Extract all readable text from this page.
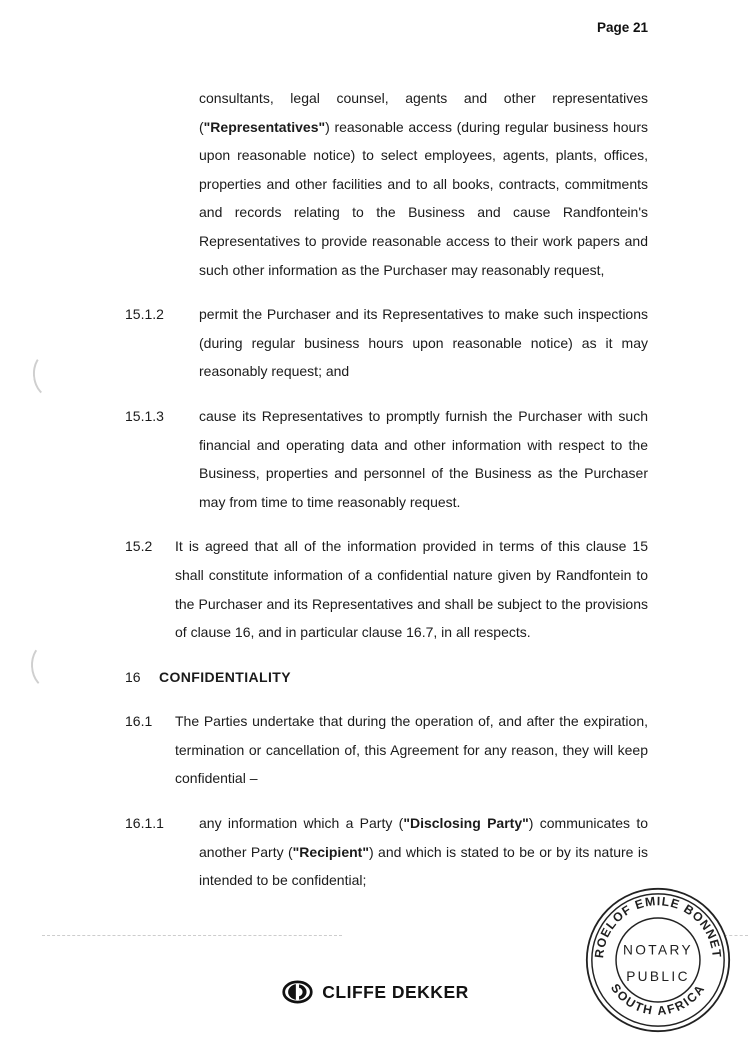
Page 21
consultants, legal counsel, agents and other representatives ("Representatives") reasonable access (during regular business hours upon reasonable notice) to select employees, agents, plants, offices, properties and other facilities and to all books, contracts, commitments and records relating to the Business and cause Randfontein's Representatives to provide reasonable access to their work papers and such other information as the Purchaser may reasonably request,
15.1.2	permit the Purchaser and its Representatives to make such inspections (during regular business hours upon reasonable notice) as it may reasonably request; and
15.1.3	cause its Representatives to promptly furnish the Purchaser with such financial and operating data and other information with respect to the Business, properties and personnel of the Business as the Purchaser may from time to time reasonably request.
15.2	It is agreed that all of the information provided in terms of this clause 15 shall constitute information of a confidential nature given by Randfontein to the Purchaser and its Representatives and shall be subject to the provisions of clause 16, and in particular clause 16.7, in all respects.
16	CONFIDENTIALITY
16.1	The Parties undertake that during the operation of, and after the expiration, termination or cancellation of, this Agreement for any reason, they will keep confidential –
16.1.1	any information which a Party ("Disclosing Party") communicates to another Party ("Recipient") and which is stated to be or by its nature is intended to be confidential;
CLIFFE DEKKER
ROELOF EMILE BONNET
SOUTH AFRICA
NOTARY
PUBLIC
